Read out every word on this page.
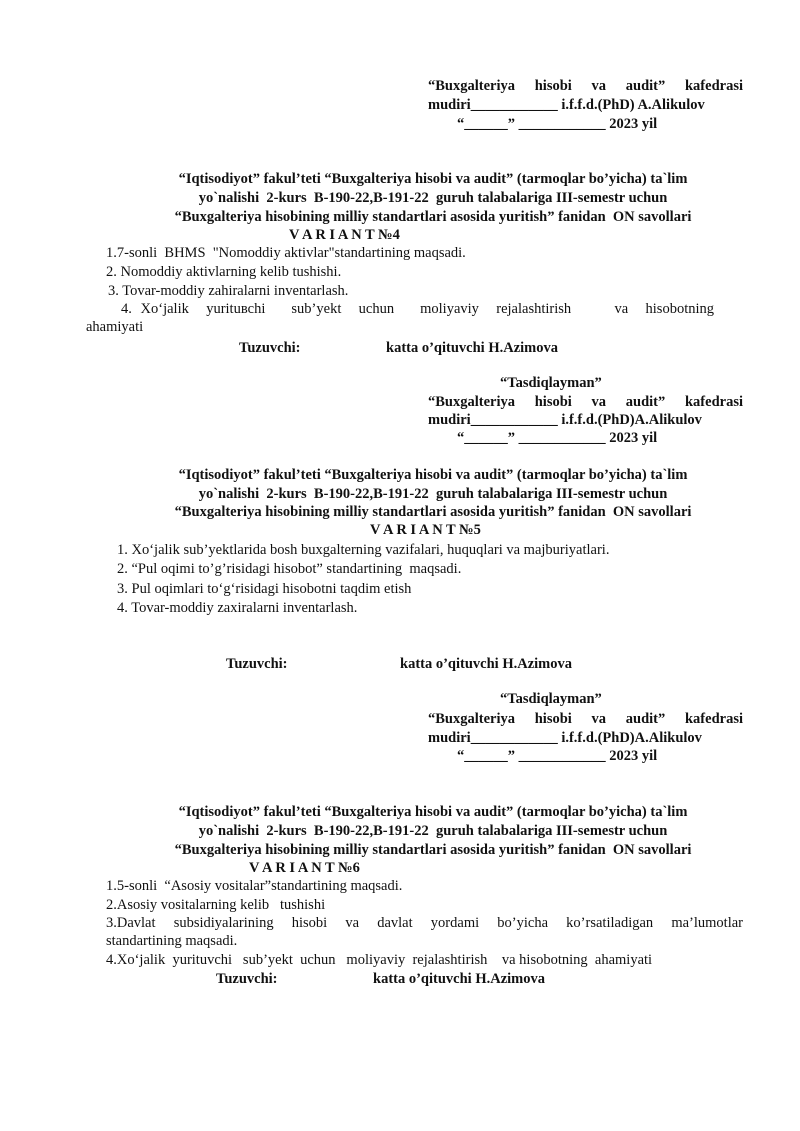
“Buxgalteriya hisobi va audit” kafedrasi
mudiri____________ i.f.f.d.(PhD) A.Alikulov
“______” ____________ 2023 yil
“Iqtisodiyot” fakul’teti “Buxgalteriya hisobi va audit” (tarmoqlar bo’yicha) ta`lim
yo`nalishi  2-kurs  B-190-22,B-191-22  guruh talabalariga III-semestr uchun
“Buxgalteriya hisobining milliy standartlari asosida yuritish” fanidan  ON savollari
V A R I A N T №4
1.7-sonli  BHMS  "Nomoddiy aktivlar"standartining maqsadi.
2. Nomoddiy aktivlarning kelib tushishi.
3. Tovar-moddiy zahiralarni inventarlash.
4. Xo‘jalik  yurituвchi   sub’yekt  uchun   moliyaviy  rejalashtirish     va  hisobotning
ahamiyati
Tuzuvchi:	katta o’qituvchi H.Azimova
“Tasdiqlayman”
“Buxgalteriya hisobi va audit” kafedrasi
mudiri____________ i.f.f.d.(PhD)A.Alikulov
“______” ____________ 2023 yil
“Iqtisodiyot” fakul’teti “Buxgalteriya hisobi va audit” (tarmoqlar bo’yicha) ta`lim
yo`nalishi  2-kurs  B-190-22,B-191-22  guruh talabalariga III-semestr uchun
“Buxgalteriya hisobining milliy standartlari asosida yuritish” fanidan  ON savollari
V A R I A N T №5
1. Xo‘jalik sub’yektlarida bosh buxgalterning vazifalari, huquqlari va majburiyatlari.
2. “Pul oqimi to’g’risidagi hisobot” standartining  maqsadi.
3. Pul oqimlari to‘g‘risidagi hisobotni taqdim etish
4. Tovar-moddiy zaxiralarni inventarlash.
Tuzuvchi:	katta o’qituvchi H.Azimova
“Tasdiqlayman”
“Buxgalteriya hisobi va audit” kafedrasi
mudiri____________ i.f.f.d.(PhD)A.Alikulov
“______” ____________ 2023 yil
“Iqtisodiyot” fakul’teti “Buxgalteriya hisobi va audit” (tarmoqlar bo’yicha) ta`lim
yo`nalishi  2-kurs  B-190-22,B-191-22  guruh talabalariga III-semestr uchun
“Buxgalteriya hisobining milliy standartlari asosida yuritish” fanidan  ON savollari
V A R I A N T №6
1.5-sonli  “Asosiy vositalar”standartining maqsadi.
2.Asosiy vositalarning kelib   tushishi
3.Davlat  subsidiyalarining  hisobi  va  davlat  yordami  bo’yicha  ko’rsatiladigan  ma’lumotlar
standartining maqsadi.
4.Xo‘jalik  yurituvchi   sub’yekt  uchun   moliyaviy  rejalashtirish    va hisobotning  ahamiyati
Tuzuvchi:	katta o’qituvchi H.Azimova
